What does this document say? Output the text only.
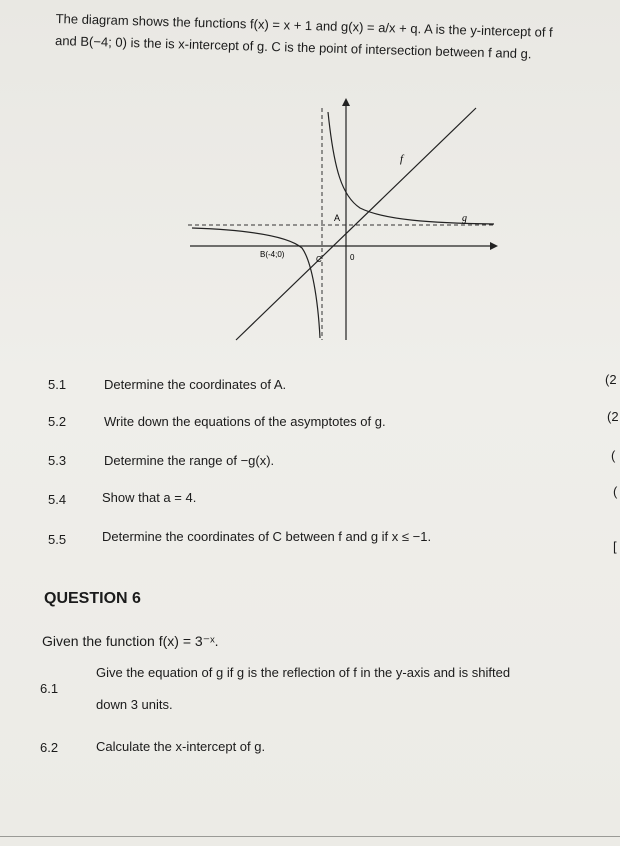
The diagram shows the functions f(x) = x + 1 and g(x) = a/x + q. A is the y-intercept of f
and B(−4; 0) is the is x-intercept of g. C is the point of intersection between f and g.
f
g
A
B(-4;0)
C	0
5.1	Determine the coordinates of A.	(2
5.2	Write down the equations of the asymptotes of g.	(2
5.3	Determine the range of −g(x).	(
5.4	Show that a = 4.	(
5.5	Determine the coordinates of C between f and g if x ≤ −1.
[
QUESTION 6
Given the function f(x) = 3⁻ˣ.
6.1
Give the equation of g if g is the reflection of f in the y-axis and is shifted
down 3 units.
6.2	Calculate the x-intercept of g.
